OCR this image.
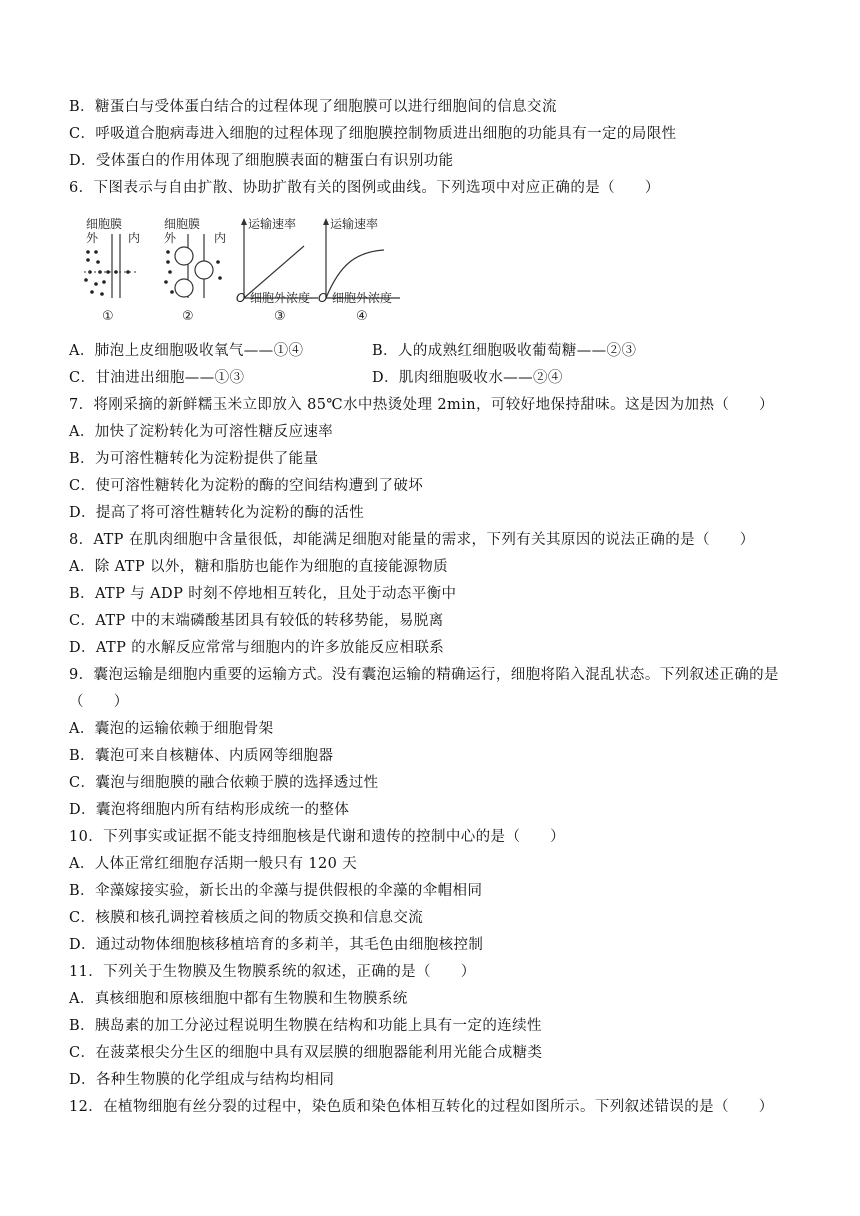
B．糖蛋白与受体蛋白结合的过程体现了细胞膜可以进行细胞间的信息交流
C．呼吸道合胞病毒进入细胞的过程体现了细胞膜控制物质进出细胞的功能具有一定的局限性
D．受体蛋白的作用体现了细胞膜表面的糖蛋白有识别功能
6．下图表示与自由扩散、协助扩散有关的图例或曲线。下列选项中对应正确的是（　　）
细胞膜
外 内
①
细胞膜
外	内
②
运输速率
O 细胞外浓度
③
运输速率
O 细胞外浓度
④
A．肺泡上皮细胞吸收氧气——①④	B．人的成熟红细胞吸收葡萄糖——②③
C．甘油进出细胞——①③	D．肌肉细胞吸收水——②④
7．将刚采摘的新鲜糯玉米立即放入 85℃水中热烫处理 2min，可较好地保持甜味。这是因为加热（　　）
A．加快了淀粉转化为可溶性糖反应速率
B．为可溶性糖转化为淀粉提供了能量
C．使可溶性糖转化为淀粉的酶的空间结构遭到了破坏
D．提高了将可溶性糖转化为淀粉的酶的活性
8．ATP 在肌肉细胞中含量很低，却能满足细胞对能量的需求，下列有关其原因的说法正确的是（　　）
A．除 ATP 以外，糖和脂肪也能作为细胞的直接能源物质
B．ATP 与 ADP 时刻不停地相互转化，且处于动态平衡中
C．ATP 中的末端磷酸基团具有较低的转移势能，易脱离
D．ATP 的水解反应常常与细胞内的许多放能反应相联系
9．囊泡运输是细胞内重要的运输方式。没有囊泡运输的精确运行，细胞将陷入混乱状态。下列叙述正确的是
（　　）
A．囊泡的运输依赖于细胞骨架
B．囊泡可来自核糖体、内质网等细胞器
C．囊泡与细胞膜的融合依赖于膜的选择透过性
D．囊泡将细胞内所有结构形成统一的整体
10．下列事实或证据不能支持细胞核是代谢和遗传的控制中心的是（　　）
A．人体正常红细胞存活期一般只有 120 天
B．伞藻嫁接实验，新长出的伞藻与提供假根的伞藻的伞帽相同
C．核膜和核孔调控着核质之间的物质交换和信息交流
D．通过动物体细胞核移植培育的多莉羊，其毛色由细胞核控制
11．下列关于生物膜及生物膜系统的叙述，正确的是（　　）
A．真核细胞和原核细胞中都有生物膜和生物膜系统
B．胰岛素的加工分泌过程说明生物膜在结构和功能上具有一定的连续性
C．在菠菜根尖分生区的细胞中具有双层膜的细胞器能利用光能合成糖类
D．各种生物膜的化学组成与结构均相同
12．在植物细胞有丝分裂的过程中，染色质和染色体相互转化的过程如图所示。下列叙述错误的是（　　）
